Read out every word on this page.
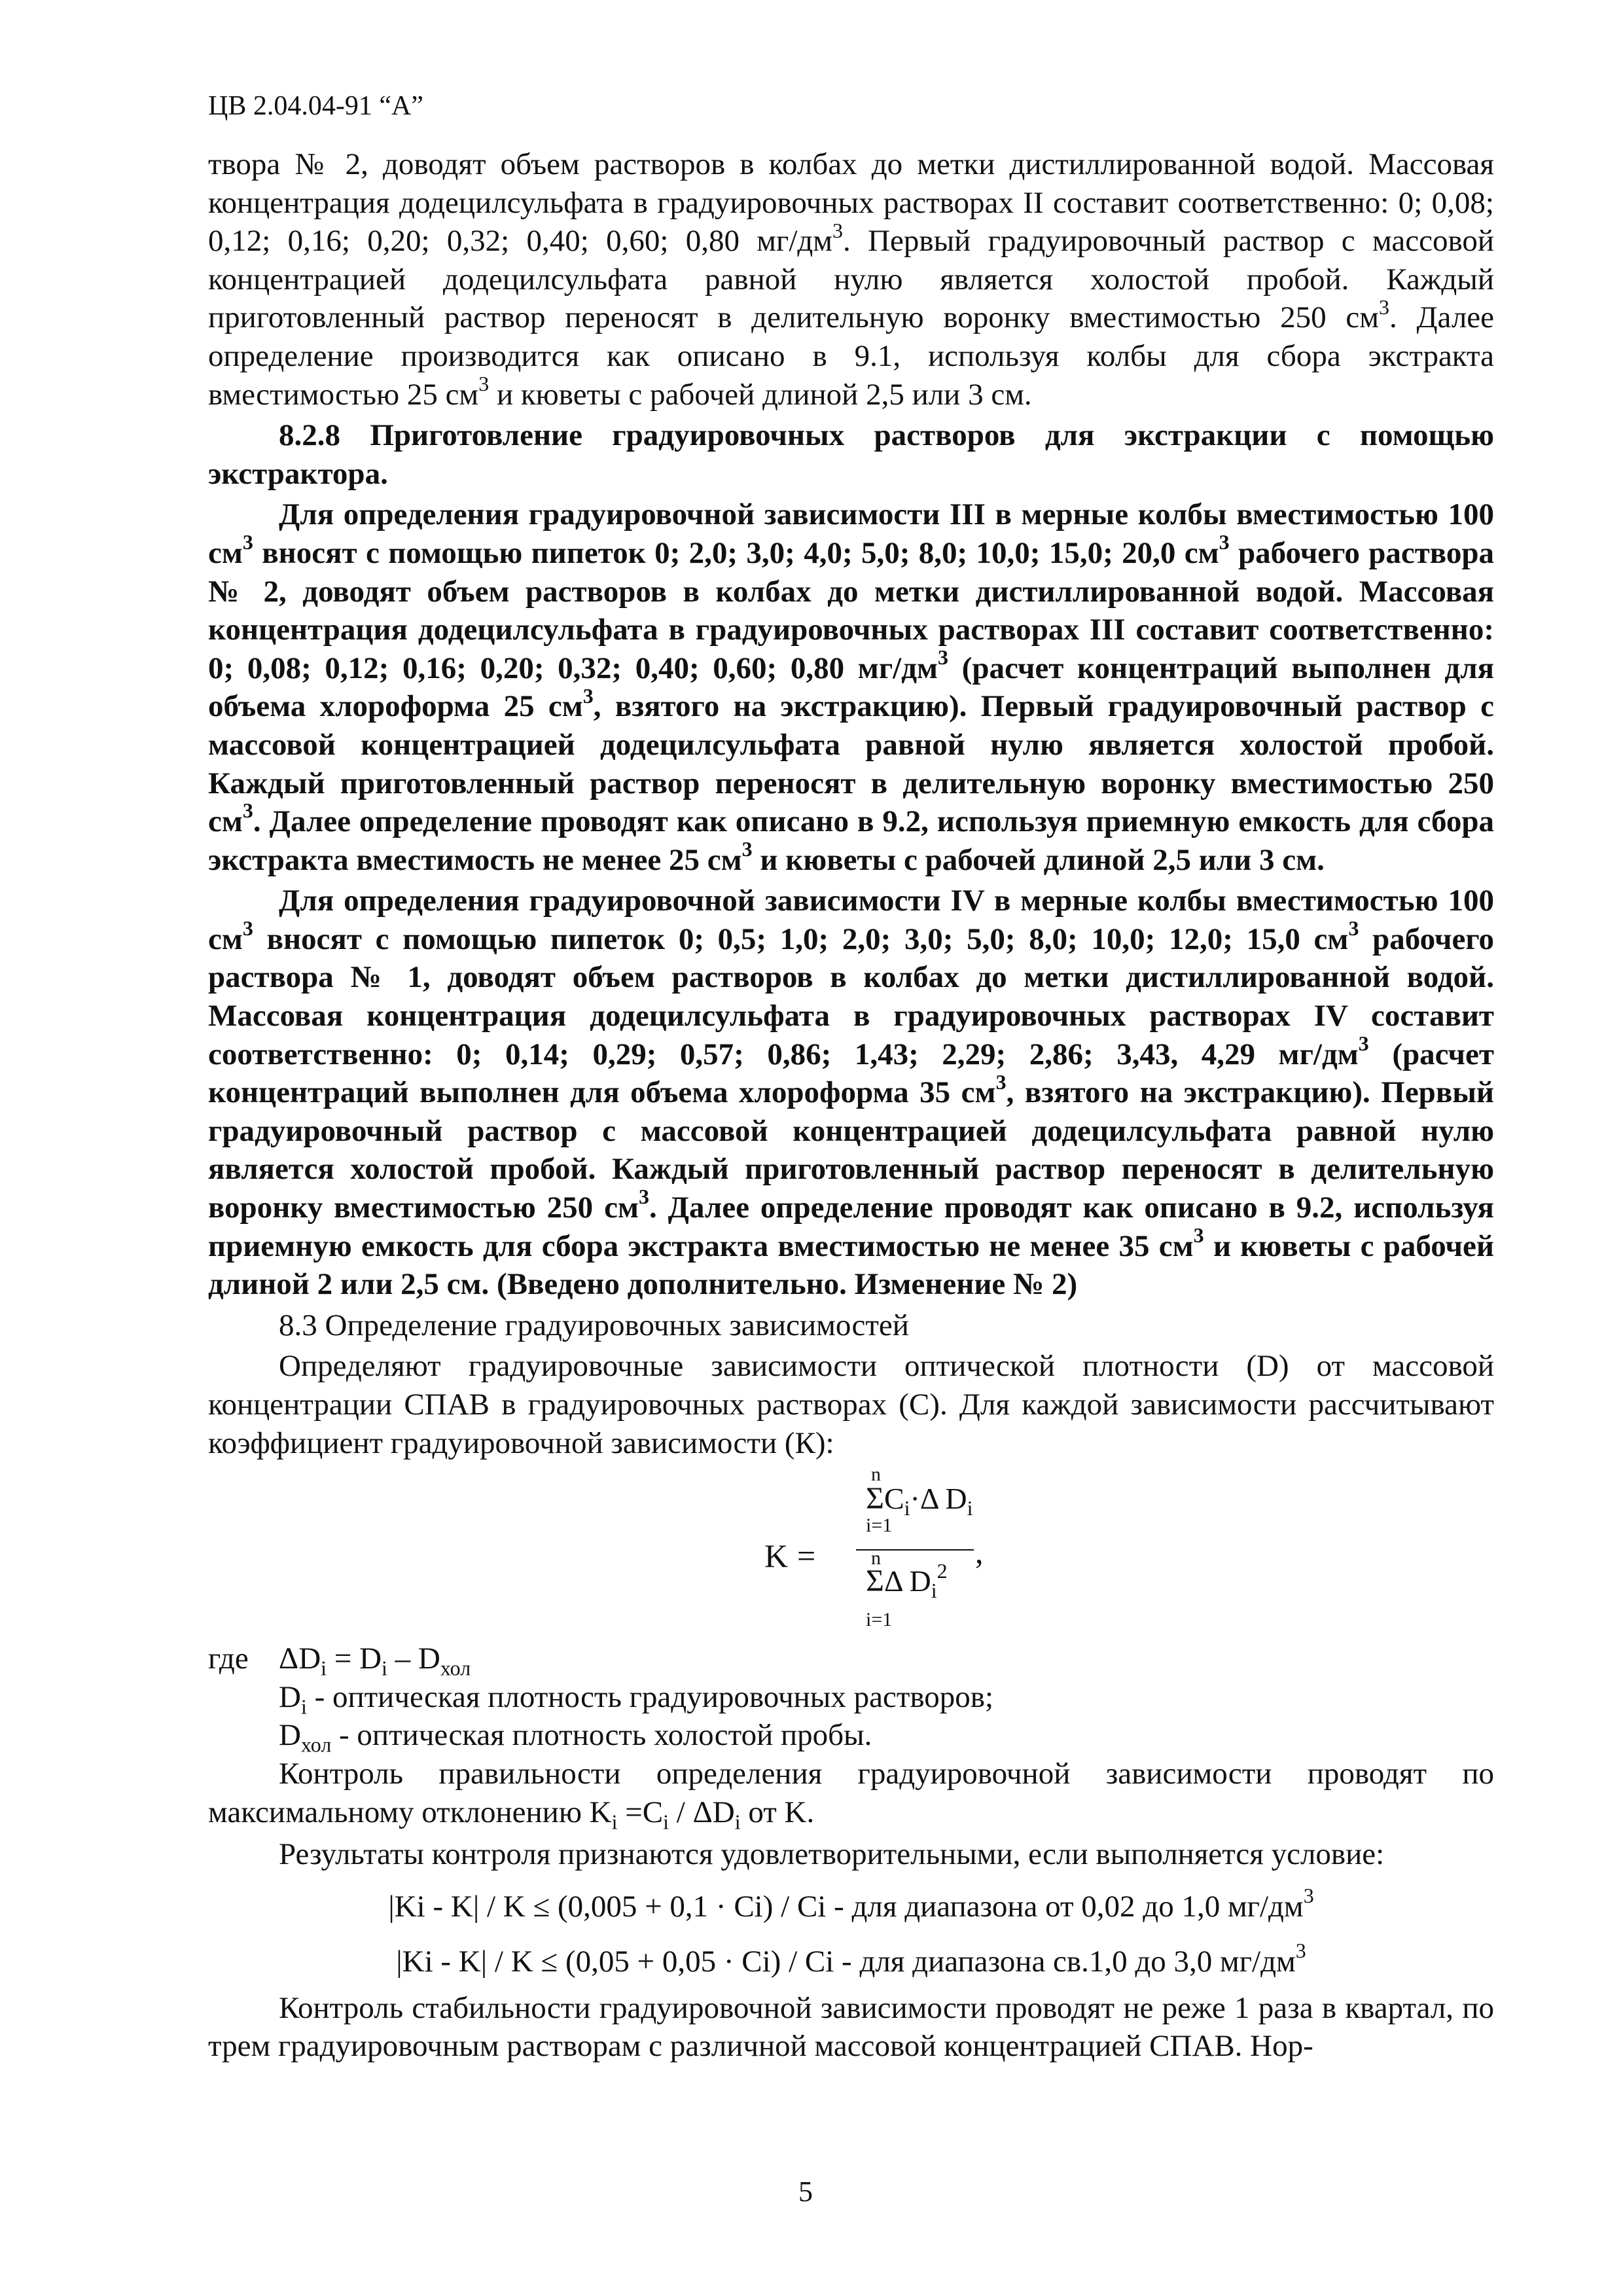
ЦВ 2.04.04-91 “А”

твора № 2, доводят объем растворов в колбах до метки дистиллированной водой. Массовая концентрация додецилсульфата в градуировочных растворах II составит соответственно: 0; 0,08; 0,12; 0,16; 0,20; 0,32; 0,40; 0,60; 0,80 $мг/дм^3$. Первый градуировочный раствор с массовой концентрацией додецилсульфата равной нулю является холостой пробой. Каждый приготовленный раствор переносят в делительную воронку вместимостью 250 $см^3$. Далее определение производится как описано в 9.1, используя колбы для сбора экстракта вместимостью 25 $см^3$ и кюветы с рабочей длиной 2,5 или 3 см.

8.2.8 Приготовление градуировочных растворов для экстракции с помощью экстрактора.

Для определения градуировочной зависимости III в мерные колбы вместимостью 100 $см^3$ вносят с помощью пипеток 0; 2,0; 3,0; 4,0; 5,0; 8,0; 10,0; 15,0; 20,0 $см^3$ рабочего раствора № 2, доводят объем растворов в колбах до метки дистиллированной водой. Массовая концентрация додецилсульфата в градуировочных растворах III составит соответственно: 0; 0,08; 0,12; 0,16; 0,20; 0,32; 0,40; 0,60; 0,80 $мг/дм^3$ (расчет концентраций выполнен для объема хлороформа 25 $см^3$, взятого на экстракцию). Первый градуировочный раствор с массовой концентрацией додецилсульфата равной нулю является холостой пробой. Каждый приготовленный раствор переносят в делительную воронку вместимостью 250 $см^3$. Далее определение проводят как описано в 9.2, используя приемную емкость для сбора экстракта вместимость не менее 25 $см^3$ и кюветы с рабочей длиной 2,5 или 3 см.

Для определения градуировочной зависимости IV в мерные колбы вместимостью 100 $см^3$ вносят с помощью пипеток 0; 0,5; 1,0; 2,0; 3,0; 5,0; 8,0; 10,0; 12,0; 15,0 $см^3$ рабочего раствора № 1, доводят объем растворов в колбах до метки дистиллированной водой. Массовая концентрация додецилсульфата в градуировочных растворах IV составит соответственно: 0; 0,14; 0,29; 0,57; 0,86; 1,43; 2,29; 2,86; 3,43, 4,29 $мг/дм^3$ (расчет концентраций выполнен для объема хлороформа 35 $см^3$, взятого на экстракцию). Первый градуировочный раствор с массовой концентрацией додецилсульфата равной нулю является холостой пробой. Каждый приготовленный раствор переносят в делительную воронку вместимостью 250 $см^3$. Далее определение проводят как описано в 9.2, используя приемную емкость для сбора экстракта вместимостью не менее 35 $см^3$ и кюветы с рабочей длиной 2 или 2,5 см. (Введено дополнительно. Изменение № 2)

8.3 Определение градуировочных зависимостей

Определяют градуировочные зависимости оптической плотности (D) от массовой концентрации СПАВ в градуировочных растворах (С). Для каждой зависимости рассчитывают коэффициент градуировочной зависимости (К):

K =
n
$\Sigma C_i\cdot\Delta$ $D_i$
i=1
n
ΣΔ $D_i^2$
i=1
,

где $\Delta D_i = D_i - D_{хол}$

$D_i$ - оптическая плотность градуировочных растворов;

$D_{хол}$ - оптическая плотность холостой пробы.

Контроль правильности определения градуировочной зависимости проводят по максимальному отклонению $K_i =C_i / \Delta D_i$ от K.

Результаты контроля признаются удовлетворительными, если выполняется условие:

|Ki - K| / K ≤ (0,005 + 0,1 · Ci) / Ci - для диапазона от 0,02 до 1,0 $мг/дм^3$

|Ki - K| / K ≤ (0,05 + 0,05 · Ci) / Ci - для диапазона св.1,0 до 3,0 $мг/дм^3$

Контроль стабильности градуировочной зависимости проводят не реже 1 раза в квартал, по трем градуировочным растворам с различной массовой концентрацией СПАВ. Нор-

5
